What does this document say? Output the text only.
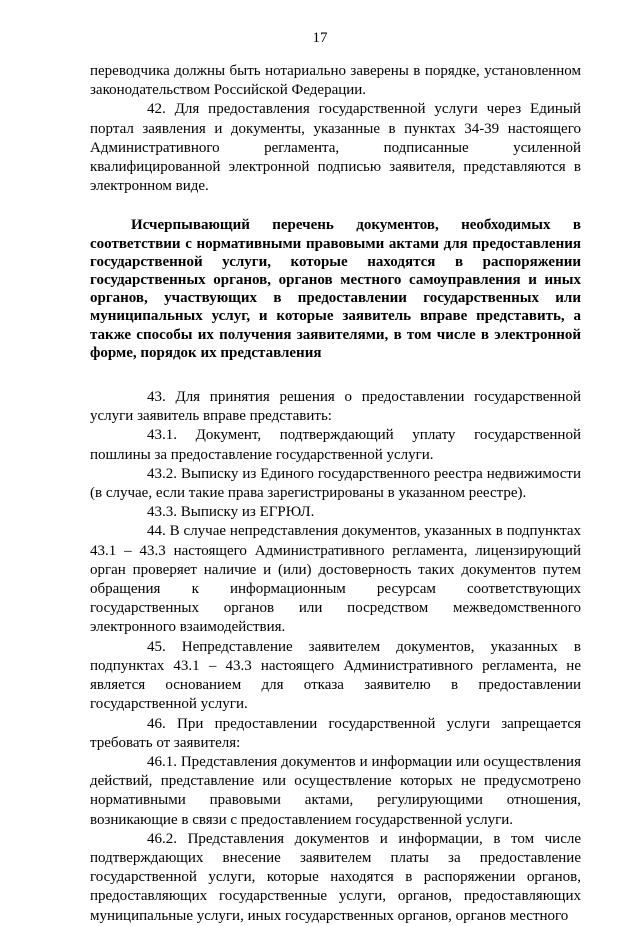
17

переводчика должны быть нотариально заверены в порядке, установленном законодательством Российской Федерации.

42. Для предоставления государственной услуги через Единый портал заявления и документы, указанные в пунктах 34-39 настоящего Административного регламента, подписанные усиленной квалифицированной электронной подписью заявителя, представляются в электронном виде.

Исчерпывающий перечень документов, необходимых в соответствии с нормативными правовыми актами для предоставления государственной услуги, которые находятся в распоряжении государственных органов, органов местного самоуправления и иных органов, участвующих в предоставлении государственных или муниципальных услуг, и которые заявитель вправе представить, а также способы их получения заявителями, в том числе в электронной форме, порядок их представления

43. Для принятия решения о предоставлении государственной услуги заявитель вправе представить:

43.1. Документ, подтверждающий уплату государственной пошлины за предоставление государственной услуги.

43.2. Выписку из Единого государственного реестра недвижимости (в случае, если такие права зарегистрированы в указанном реестре).

43.3. Выписку из ЕГРЮЛ.

44. В случае непредставления документов, указанных в подпунктах 43.1 – 43.3 настоящего Административного регламента, лицензирующий орган проверяет наличие и (или) достоверность таких документов путем обращения к информационным ресурсам соответствующих государственных органов или посредством межведомственного электронного взаимодействия.

45. Непредставление заявителем документов, указанных в подпунктах 43.1 – 43.3 настоящего Административного регламента, не является основанием для отказа заявителю в предоставлении государственной услуги.

46. При предоставлении государственной услуги запрещается требовать от заявителя:

46.1. Представления документов и информации или осуществления действий, представление или осуществление которых не предусмотрено нормативными правовыми актами, регулирующими отношения, возникающие в связи с предоставлением государственной услуги.

46.2. Представления документов и информации, в том числе подтверждающих внесение заявителем платы за предоставление государственной услуги, которые находятся в распоряжении органов, предоставляющих государственные услуги, органов, предоставляющих муниципальные услуги, иных государственных органов, органов местного
